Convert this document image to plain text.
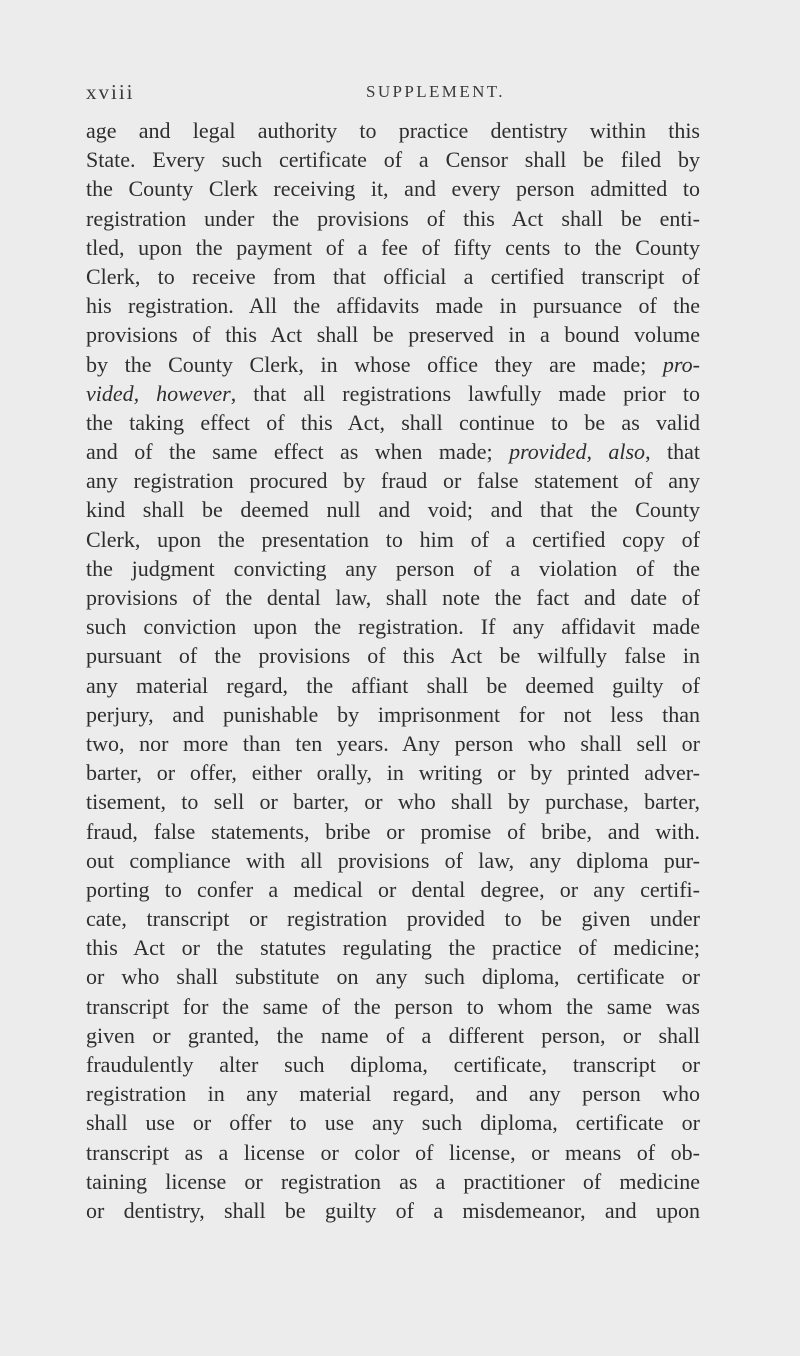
xviii	SUPPLEMENT.
age and legal authority to practice dentistry within this
State. Every such certificate of a Censor shall be filed by
the County Clerk receiving it, and every person admitted to
registration under the provisions of this Act shall be enti-
tled, upon the payment of a fee of fifty cents to the County
Clerk, to receive from that official a certified transcript of
his registration. All the affidavits made in pursuance of the
provisions of this Act shall be preserved in a bound volume
by the County Clerk, in whose office they are made; pro-
vided, however, that all registrations lawfully made prior to
the taking effect of this Act, shall continue to be as valid
and of the same effect as when made; provided, also, that
any registration procured by fraud or false statement of any
kind shall be deemed null and void; and that the County
Clerk, upon the presentation to him of a certified copy of
the judgment convicting any person of a violation of the
provisions of the dental law, shall note the fact and date of
such conviction upon the registration. If any affidavit made
pursuant of the provisions of this Act be wilfully false in
any material regard, the affiant shall be deemed guilty of
perjury, and punishable by imprisonment for not less than
two, nor more than ten years. Any person who shall sell or
barter, or offer, either orally, in writing or by printed adver-
tisement, to sell or barter, or who shall by purchase, barter,
fraud, false statements, bribe or promise of bribe, and with.
out compliance with all provisions of law, any diploma pur-
porting to confer a medical or dental degree, or any certifi-
cate, transcript or registration provided to be given under
this Act or the statutes regulating the practice of medicine;
or who shall substitute on any such diploma, certificate or
transcript for the same of the person to whom the same was
given or granted, the name of a different person, or shall
fraudulently alter such diploma, certificate, transcript or
registration in any material regard, and any person who
shall use or offer to use any such diploma, certificate or
transcript as a license or color of license, or means of ob-
taining license or registration as a practitioner of medicine
or dentistry, shall be guilty of a misdemeanor, and upon
